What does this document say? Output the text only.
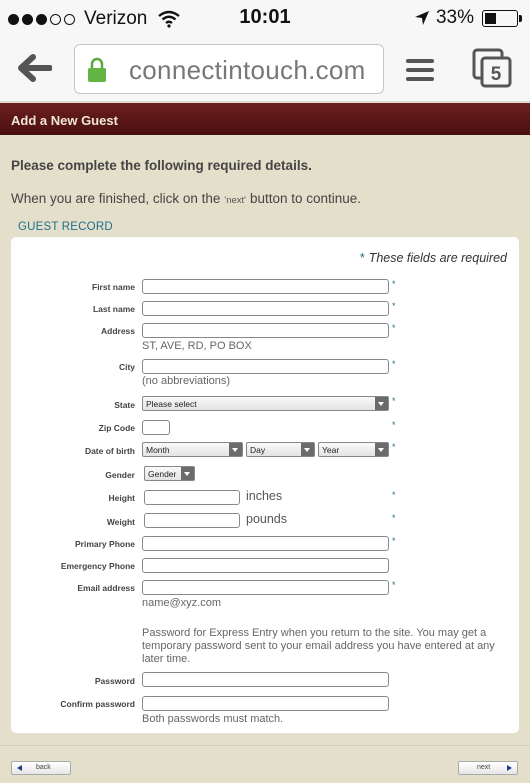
Verizon	10:01	33%
connectintouch.com	5
Add a New Guest
Please complete the following required details.
When you are finished, click on the 'next' button to continue.
GUEST RECORD
* These fields are required
First name	*
Last name	*
Address	*
ST, AVE, RD, PO BOX
City	*
(no abbreviations)
State	Please select	*
Zip Code	*
Date of birth	Month	Day	Year	*
Gender	Gender
Height	inches	*
Weight	pounds	*
Primary Phone	*
Emergency Phone
Email address	*
name@xyz.com
Password for Express Entry when you return to the site. You may get a temporary password sent to your email address you have entered at any later time.
Password
Confirm password
Both passwords must match.
back	next
